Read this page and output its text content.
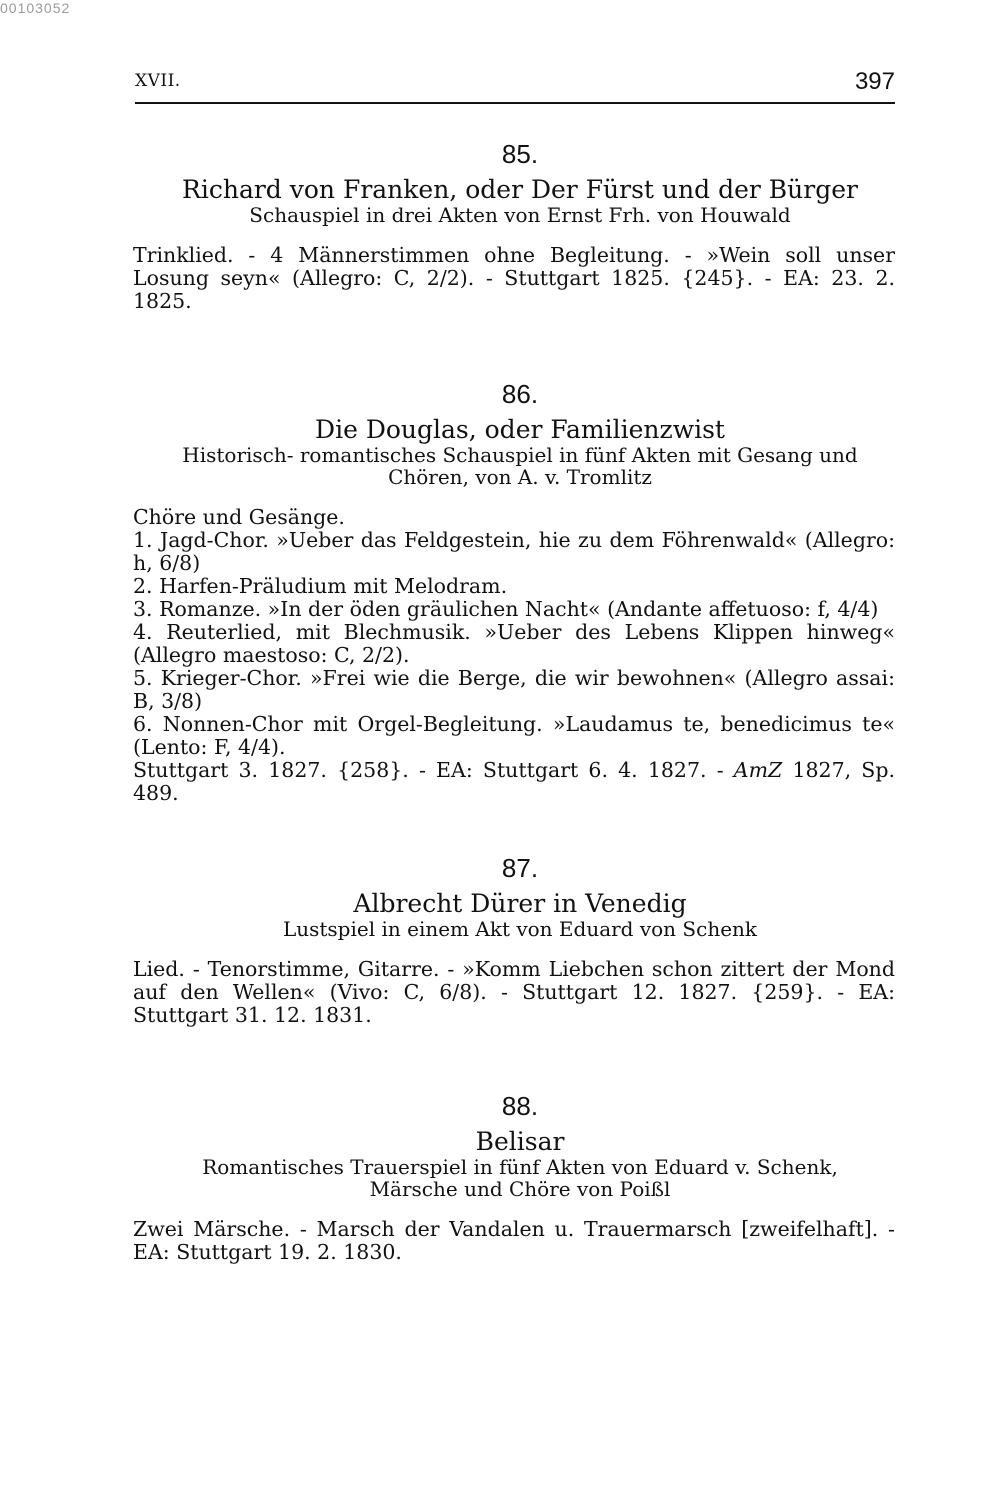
00103052
XVII.	397
85.
Richard von Franken, oder Der Fürst und der Bürger
Schauspiel in drei Akten von Ernst Frh. von Houwald

Trinklied. - 4 Männerstimmen ohne Begleitung. - »Wein soll unser Losung seyn« (Allegro: C, 2/2). - Stuttgart 1825. {245}. - EA: 23. 2. 1825.

86.
Die Douglas, oder Familienzwist
Historisch- romantisches Schauspiel in fünf Akten mit Gesang und
Chören, von A. v. Tromlitz

Chöre und Gesänge.

1. Jagd-Chor. »Ueber das Feldgestein, hie zu dem Föhrenwald« (Allegro: h, 6/8)

2. Harfen-Präludium mit Melodram.

3. Romanze. »In der öden gräulichen Nacht« (Andante affetuoso: f, 4/4)

4. Reuterlied, mit Blechmusik. »Ueber des Lebens Klippen hinweg« (Allegro maestoso: C, 2/2).

5. Krieger-Chor. »Frei wie die Berge, die wir bewohnen« (Allegro assai: B, 3/8)

6. Nonnen-Chor mit Orgel-Begleitung. »Laudamus te, benedicimus te« (Lento: F, 4/4).

Stuttgart 3. 1827. {258}. - EA: Stuttgart 6. 4. 1827. - AmZ 1827, Sp. 489.

87.
Albrecht Dürer in Venedig
Lustspiel in einem Akt von Eduard von Schenk

Lied. - Tenorstimme, Gitarre. - »Komm Liebchen schon zittert der Mond auf den Wellen« (Vivo: C, 6/8). - Stuttgart 12. 1827. {259}. - EA: Stuttgart 31. 12. 1831.

88.
Belisar
Romantisches Trauerspiel in fünf Akten von Eduard v. Schenk,
Märsche und Chöre von Poißl

Zwei Märsche. - Marsch der Vandalen u. Trauermarsch [zweifelhaft]. - EA: Stuttgart 19. 2. 1830.
